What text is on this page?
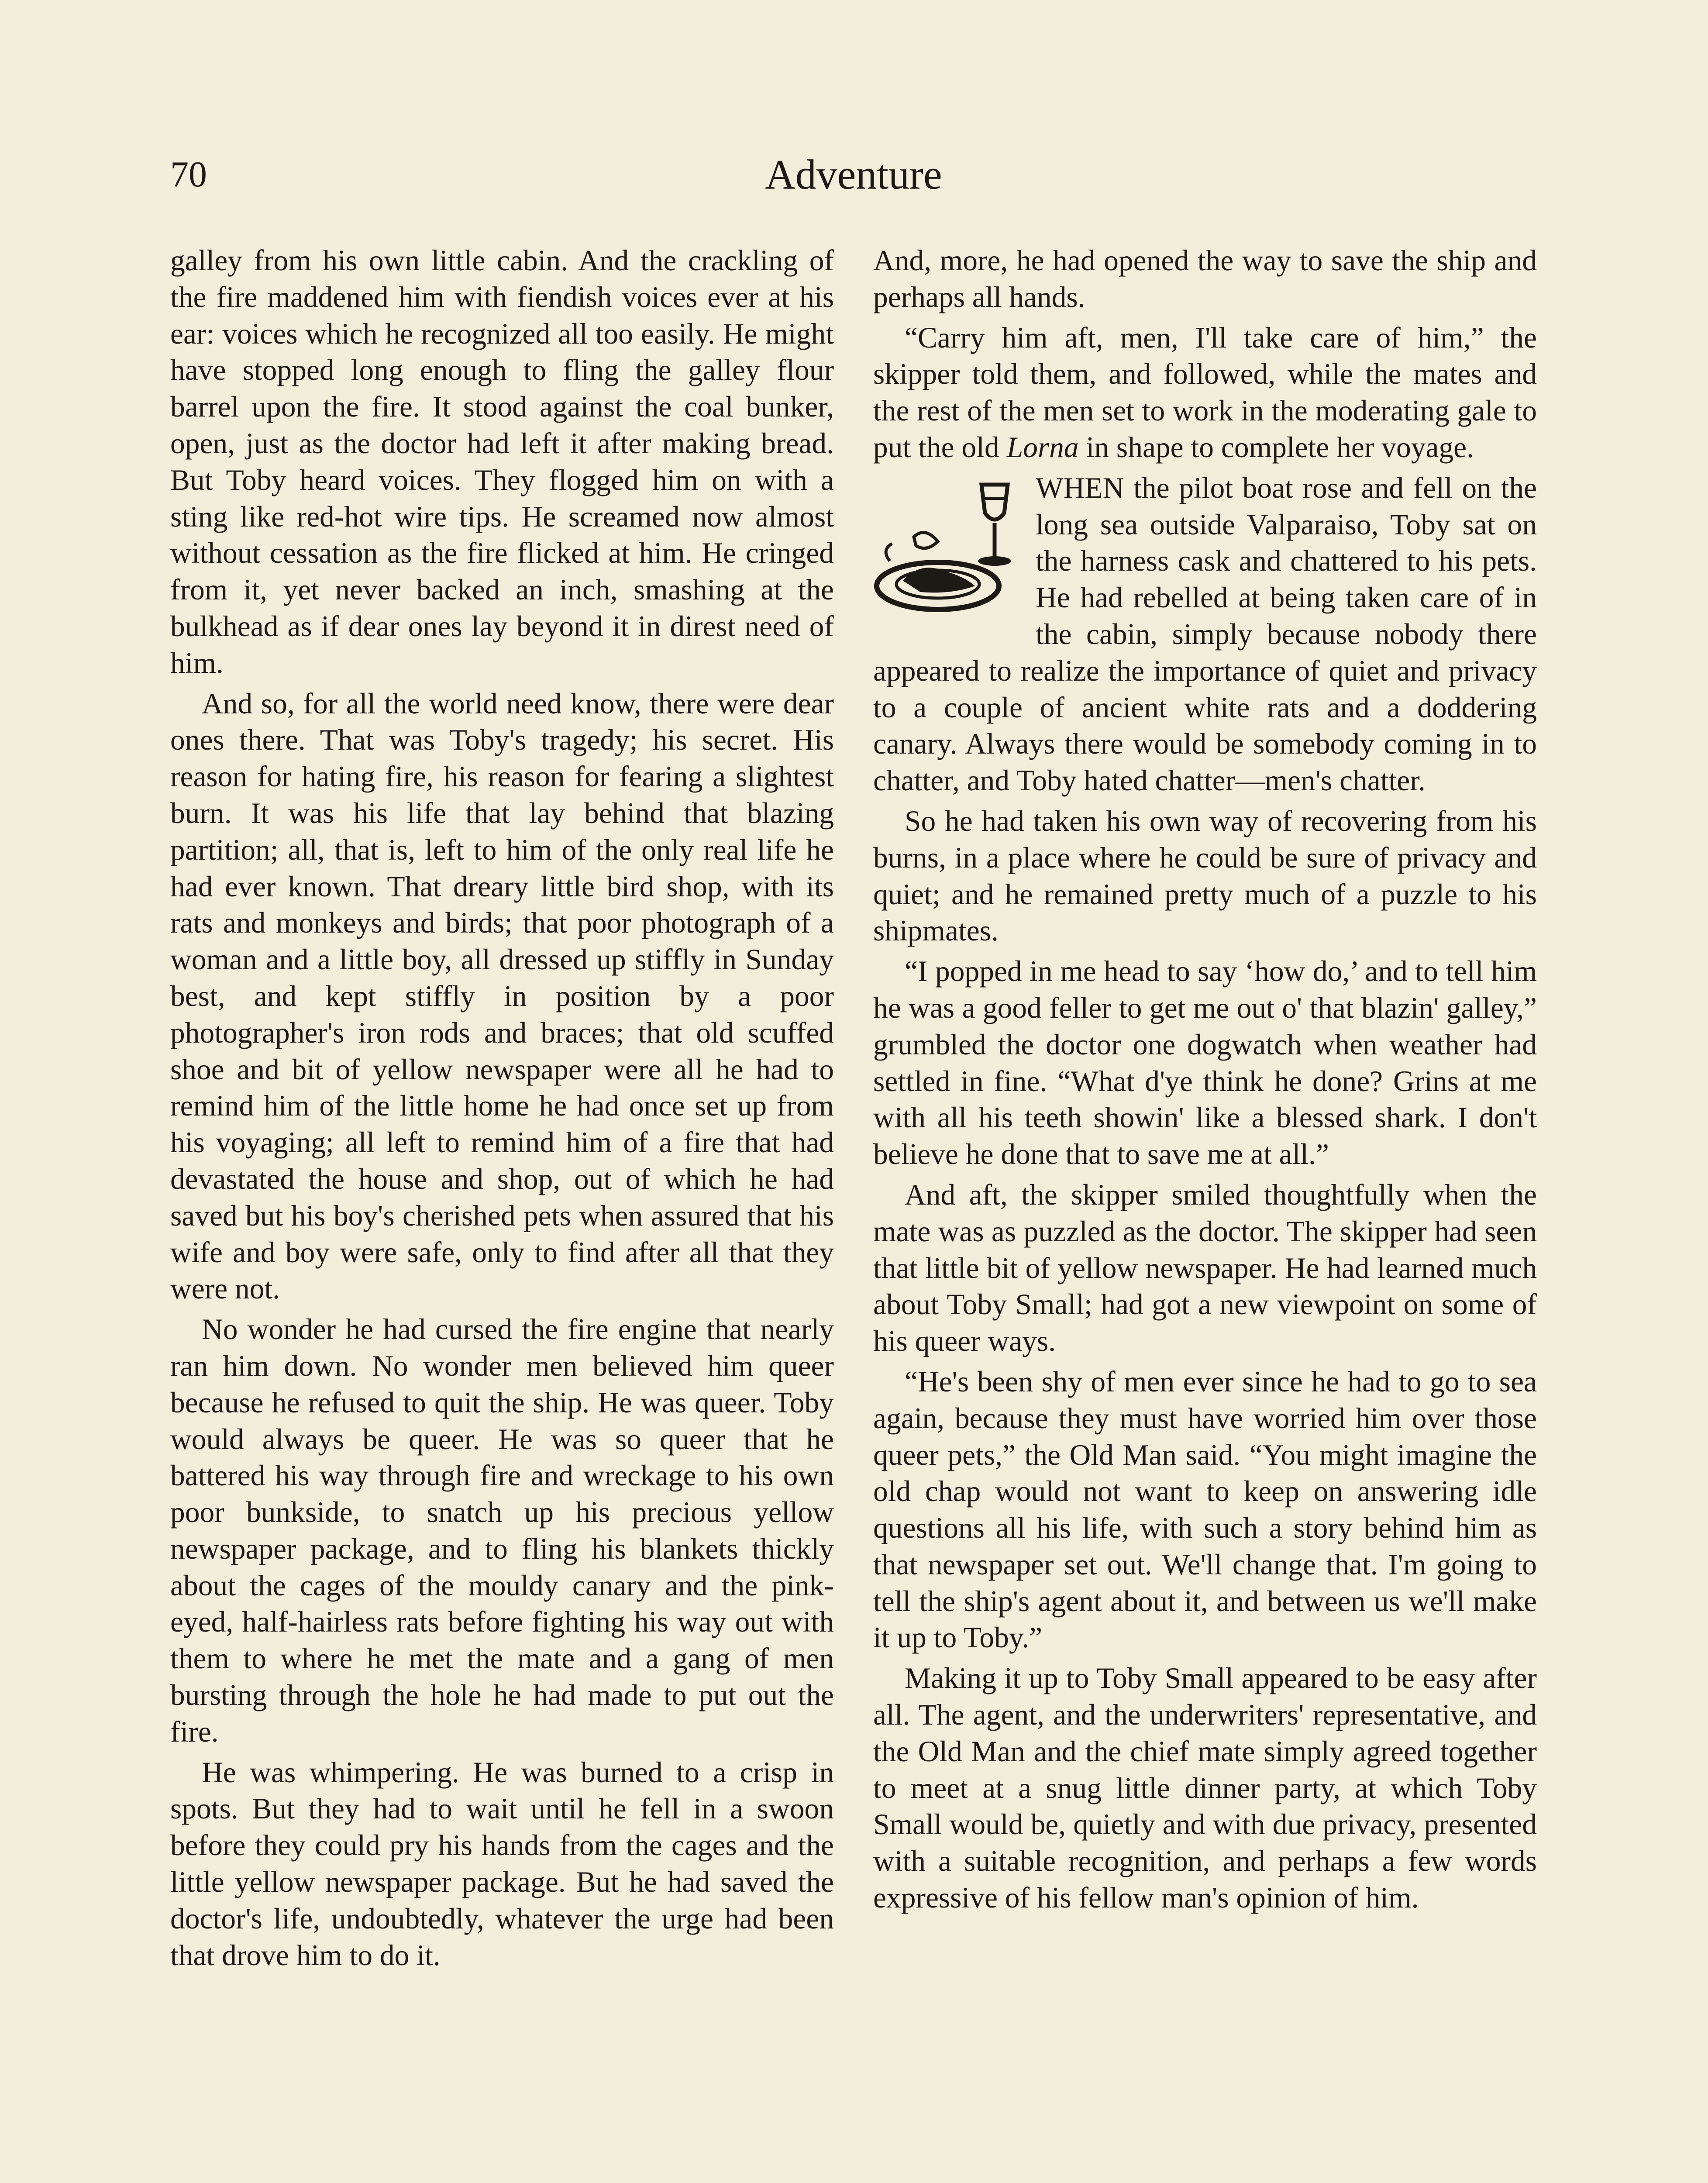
70	Adventure

galley from his own little cabin. And the crackling of the fire maddened him with fiendish voices ever at his ear: voices which he recognized all too easily. He might have stopped long enough to fling the galley flour barrel upon the fire. It stood against the coal bunker, open, just as the doctor had left it after making bread. But Toby heard voices. They flogged him on with a sting like red-hot wire tips. He screamed now almost without cessation as the fire flicked at him. He cringed from it, yet never backed an inch, smashing at the bulkhead as if dear ones lay beyond it in direst need of him.

And so, for all the world need know, there were dear ones there. That was Toby's tragedy; his secret. His reason for hating fire, his reason for fearing a slightest burn. It was his life that lay behind that blazing partition; all, that is, left to him of the only real life he had ever known. That dreary little bird shop, with its rats and monkeys and birds; that poor photograph of a woman and a little boy, all dressed up stiffly in Sunday best, and kept stiffly in position by a poor photographer's iron rods and braces; that old scuffed shoe and bit of yellow newspaper were all he had to remind him of the little home he had once set up from his voyaging; all left to remind him of a fire that had devastated the house and shop, out of which he had saved but his boy's cherished pets when assured that his wife and boy were safe, only to find after all that they were not.

No wonder he had cursed the fire engine that nearly ran him down. No wonder men believed him queer because he refused to quit the ship. He was queer. Toby would always be queer. He was so queer that he battered his way through fire and wreckage to his own poor bunkside, to snatch up his precious yellow newspaper package, and to fling his blankets thickly about the cages of the mouldy canary and the pink-eyed, half-hairless rats before fighting his way out with them to where he met the mate and a gang of men bursting through the hole he had made to put out the fire.

He was whimpering. He was burned to a crisp in spots. But they had to wait until he fell in a swoon before they could pry his hands from the cages and the little yellow newspaper package. But he had saved the doctor's life, undoubtedly, whatever the urge had been that drove him to do it.

And, more, he had opened the way to save the ship and perhaps all hands.

“Carry him aft, men, I'll take care of him,” the skipper told them, and followed, while the mates and the rest of the men set to work in the moderating gale to put the old Lorna in shape to complete her voyage.

WHEN the pilot boat rose and fell on the long sea outside Valparaiso, Toby sat on the harness cask and chattered to his pets. He had rebelled at being taken care of in the cabin, simply because nobody there appeared to realize the importance of quiet and privacy to a couple of ancient white rats and a doddering canary. Always there would be somebody coming in to chatter, and Toby hated chatter—men's chatter.

So he had taken his own way of recovering from his burns, in a place where he could be sure of privacy and quiet; and he remained pretty much of a puzzle to his shipmates.

“I popped in me head to say ‘how do,’ and to tell him he was a good feller to get me out o' that blazin' galley,” grumbled the doctor one dogwatch when weather had settled in fine. “What d'ye think he done? Grins at me with all his teeth showin' like a blessed shark. I don't believe he done that to save me at all.”

And aft, the skipper smiled thoughtfully when the mate was as puzzled as the doctor. The skipper had seen that little bit of yellow newspaper. He had learned much about Toby Small; had got a new viewpoint on some of his queer ways.

“He's been shy of men ever since he had to go to sea again, because they must have worried him over those queer pets,” the Old Man said. “You might imagine the old chap would not want to keep on answering idle questions all his life, with such a story behind him as that newspaper set out. We'll change that. I'm going to tell the ship's agent about it, and between us we'll make it up to Toby.”

Making it up to Toby Small appeared to be easy after all. The agent, and the underwriters' representative, and the Old Man and the chief mate simply agreed together to meet at a snug little dinner party, at which Toby Small would be, quietly and with due privacy, presented with a suitable recognition, and perhaps a few words expressive of his fellow man's opinion of him.
